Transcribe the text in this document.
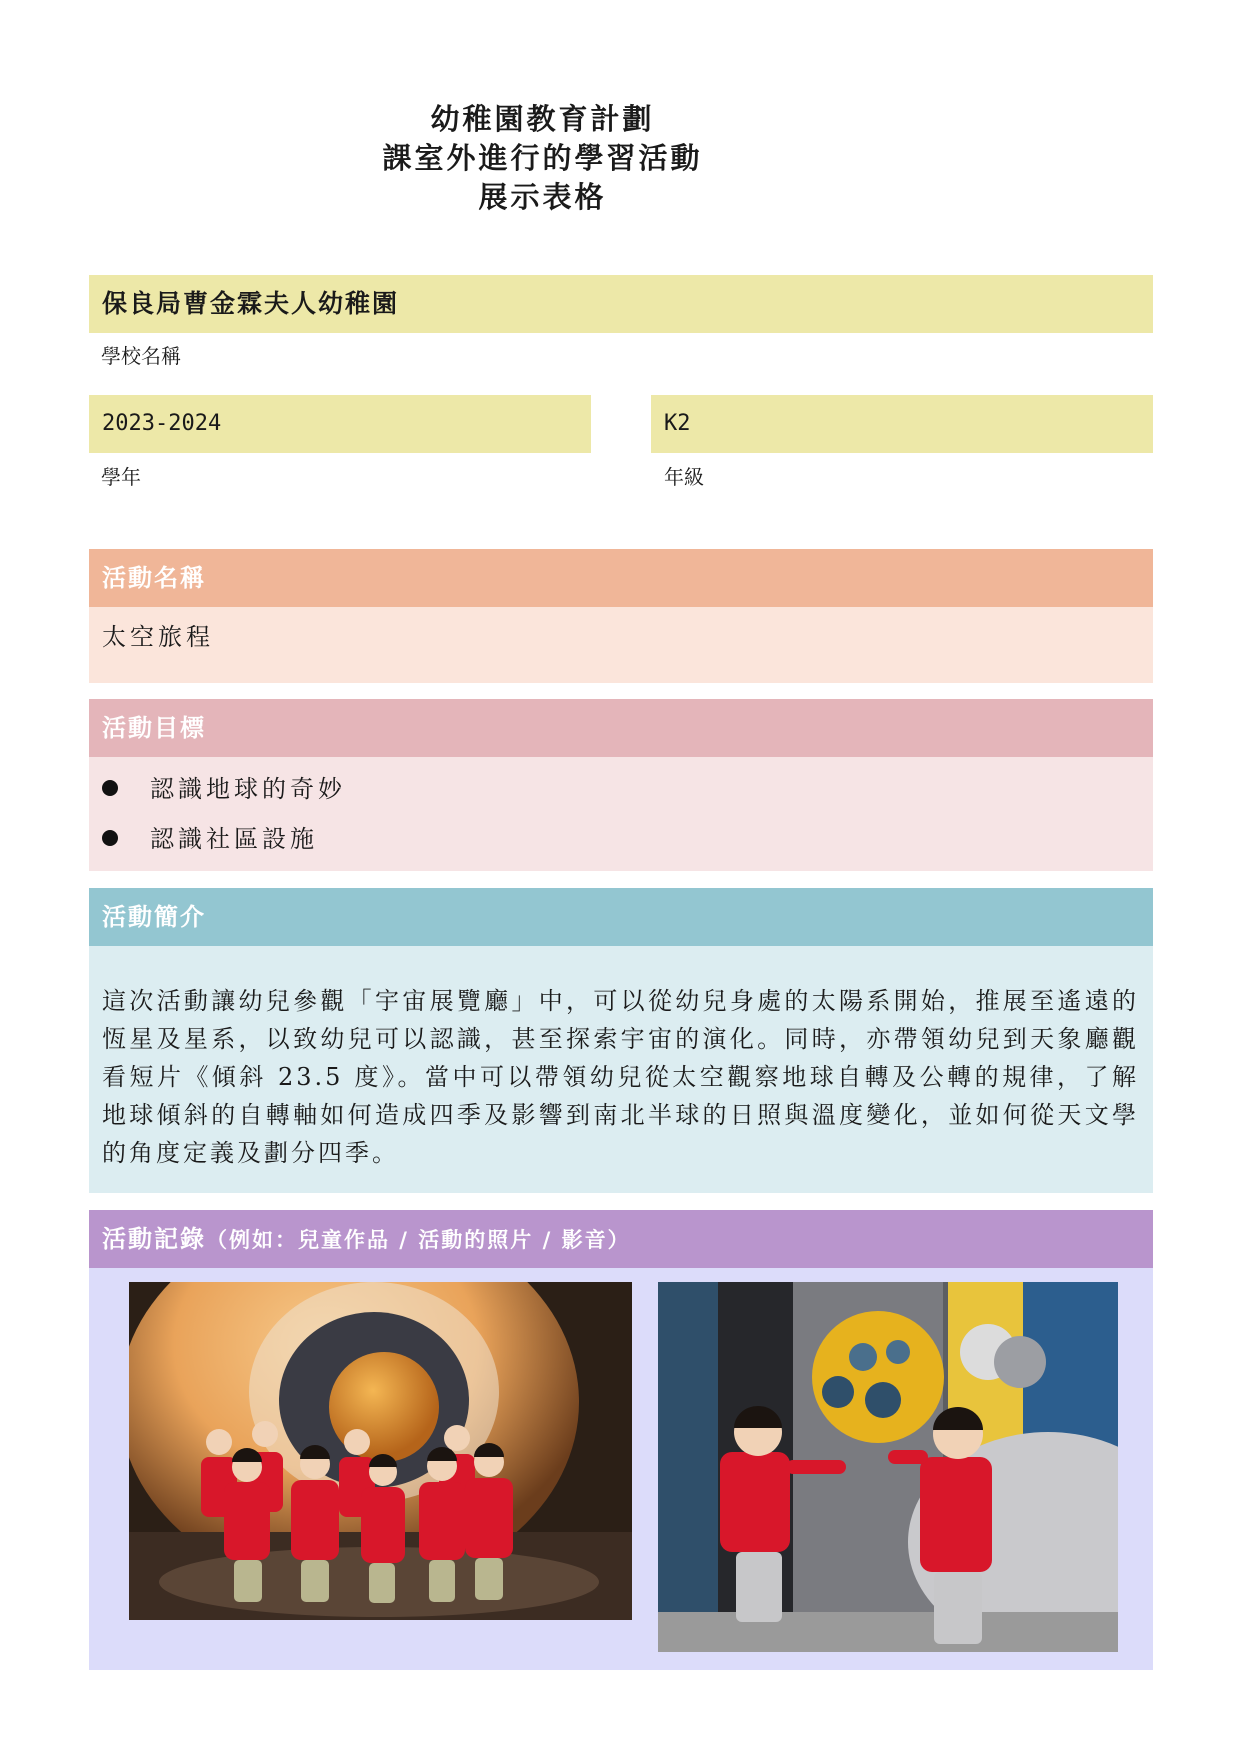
幼稚園教育計劃
課室外進行的學習活動
展示表格
保良局曹金霖夫人幼稚園
學校名稱
2023-2024
學年
K2
年級
活動名稱
太空旅程
活動目標
認識地球的奇妙
認識社區設施
活動簡介
這次活動讓幼兒參觀「宇宙展覽廳」中，可以從幼兒身處的太陽系開始，推展至遙遠的恆星及星系，以致幼兒可以認識，甚至探索宇宙的演化。同時，亦帶領幼兒到天象廳觀看短片《傾斜 23.5 度》。當中可以帶領幼兒從太空觀察地球自轉及公轉的規律，了解地球傾斜的自轉軸如何造成四季及影響到南北半球的日照與溫度變化，並如何從天文學的角度定義及劃分四季。
活動記錄（例如：兒童作品 / 活動的照片 / 影音）
